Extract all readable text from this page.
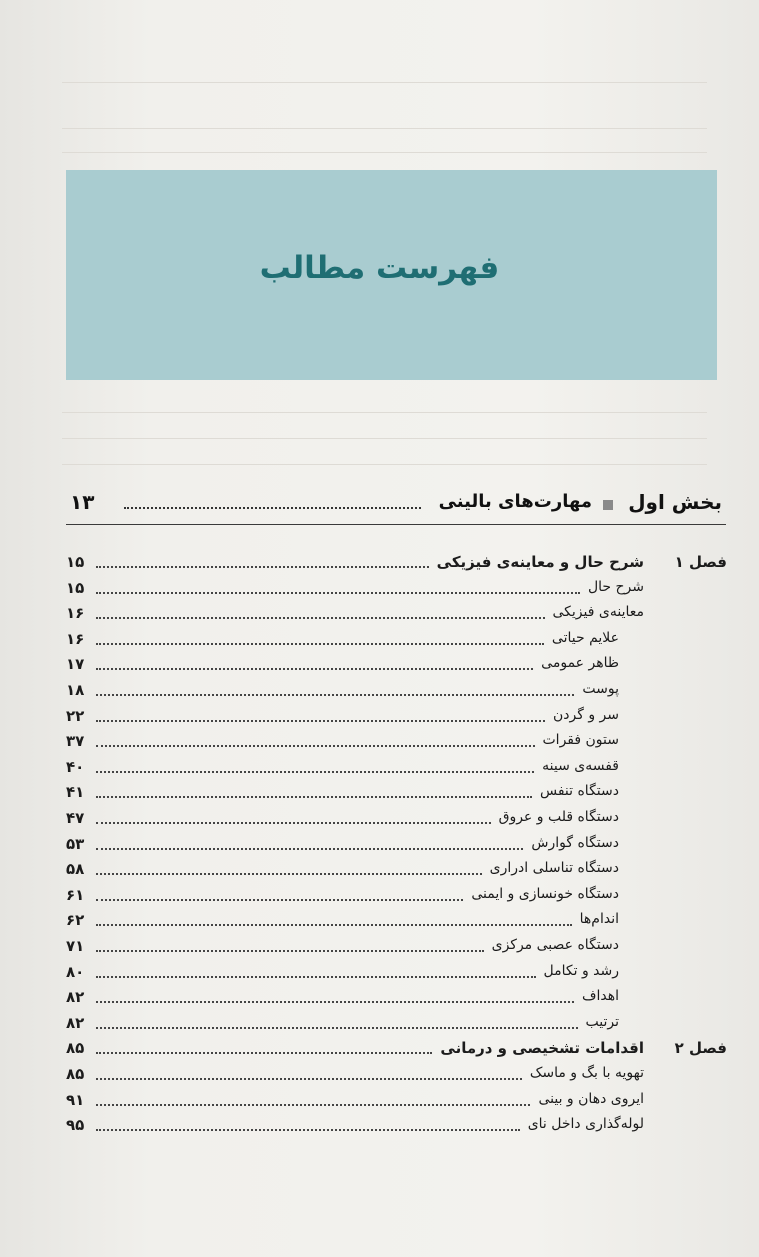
فهرست مطالب
بخش اول
مهارت‌های بالینی
۱۳
فصل ۱
شرح حال و معاینه‌ی فیزیکی
۱۵
شرح حال
۱۵
معاینه‌ی فیزیکی
۱۶
علایم حیاتی
۱۶
ظاهر عمومی
۱۷
پوست
۱۸
سر و گردن
۲۲
ستون فقرات
۳۷
قفسه‌ی سینه
۴۰
دستگاه تنفس
۴۱
دستگاه قلب و عروق
۴۷
دستگاه گوارش
۵۳
دستگاه تناسلی ادراری
۵۸
دستگاه خونسازی و ایمنی
۶۱
اندام‌ها
۶۲
دستگاه عصبی مرکزی
۷۱
رشد و تکامل
۸۰
اهداف
۸۲
ترتیب
۸۲
فصل ۲
اقدامات تشخیصی و درمانی
۸۵
تهویه با بگ و ماسک
۸۵
ایروی دهان و بینی
۹۱
لوله‌گذاری داخل نای
۹۵
